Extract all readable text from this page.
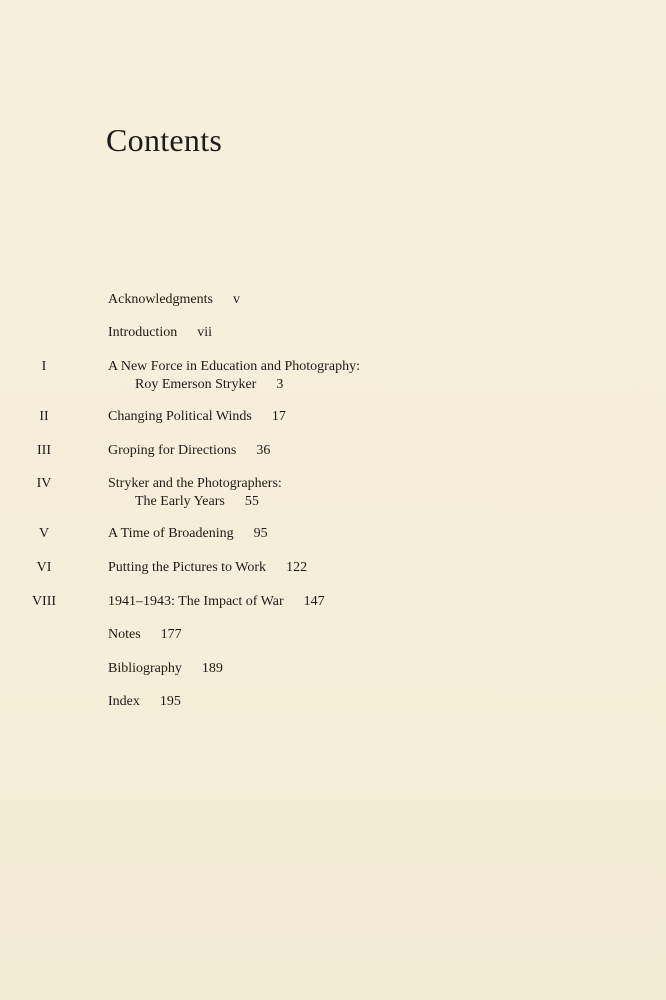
Contents
Acknowledgments v
Introduction vii
I	A New Force in Education and Photography:
Roy Emerson Stryker 3
II	Changing Political Winds 17
III	Groping for Directions 36
IV	Stryker and the Photographers:
The Early Years 55
V	A Time of Broadening 95
VI	Putting the Pictures to Work 122
VIII	1941–1943: The Impact of War 147
Notes 177
Bibliography 189
Index 195
